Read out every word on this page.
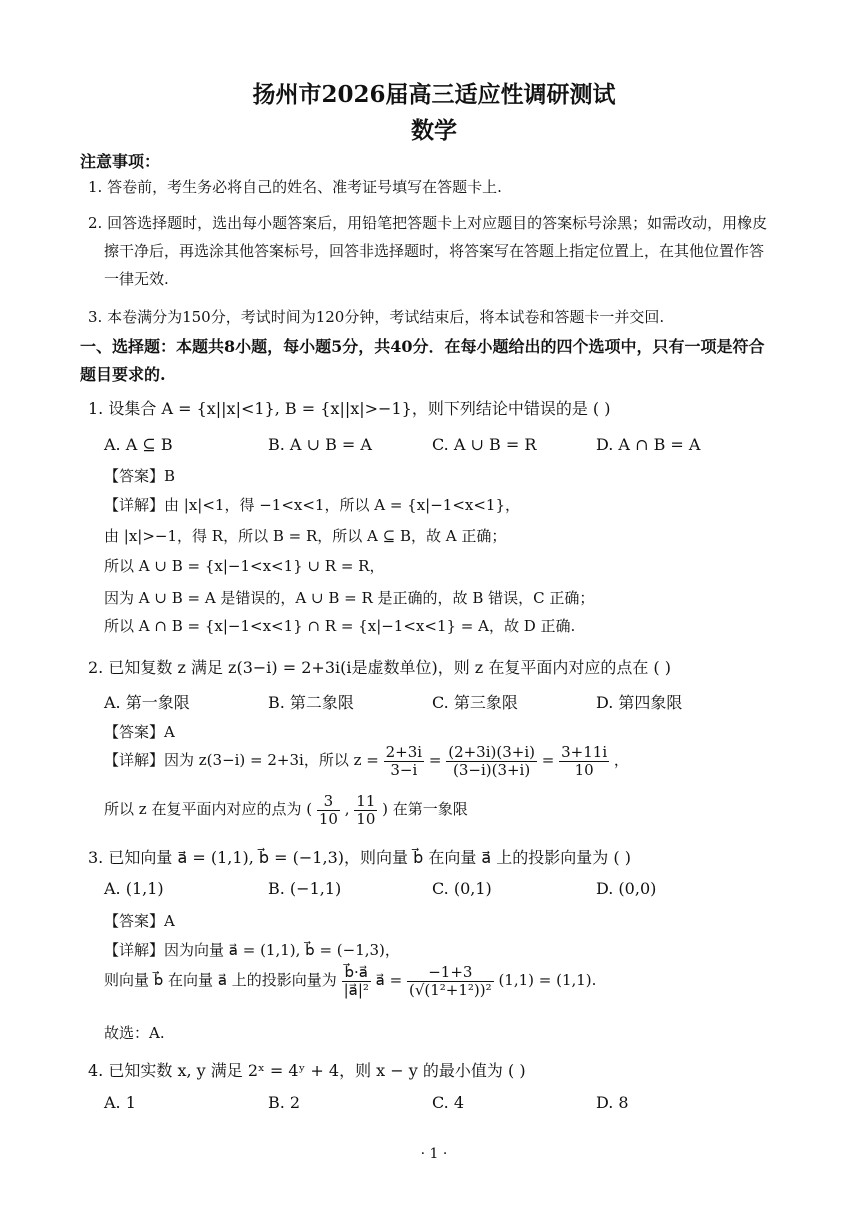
扬州市2026届高三适应性调研测试
数学
注意事项：
1. 答卷前，考生务必将自己的姓名、准考证号填写在答题卡上.
2. 回答选择题时，选出每小题答案后，用铅笔把答题卡上对应题目的答案标号涂黑；如需改动，用橡皮
擦干净后，再选涂其他答案标号，回答非选择题时，将答案写在答题上指定位置上，在其他位置作答
一律无效.
3. 本卷满分为150分，考试时间为120分钟，考试结束后，将本试卷和答题卡一并交回.
一、选择题：本题共8小题，每小题5分，共40分．在每小题给出的四个选项中，只有一项是符合
题目要求的.
1. 设集合 A = {x||x|<1}, B = {x||x|>−1}，则下列结论中错误的是 ( )
A. A ⊆ B	B. A ∪ B = A	C. A ∪ B = R	D. A ∩ B = A
【答案】B
【详解】由 |x|<1，得 −1<x<1，所以 A = {x|−1<x<1}，
由 |x|>−1，得 R，所以 B = R，所以 A ⊆ B，故 A 正确；
所以 A ∪ B = {x|−1<x<1} ∪ R = R，
因为 A ∪ B = A 是错误的，A ∪ B = R 是正确的，故 B 错误，C 正确；
所以 A ∩ B = {x|−1<x<1} ∩ R = {x|−1<x<1} = A，故 D 正确.
2. 已知复数 z 满足 z(3−i) = 2+3i(i是虚数单位)，则 z 在复平面内对应的点在 ( )
A. 第一象限	B. 第二象限	C. 第三象限	D. 第四象限
【答案】A
【详解】因为 z(3−i) = 2+3i，所以 $z = \frac{2+3i}{3-i} = \frac{(2+3i)(3+i)}{(3-i)(3+i)} = \frac{3+11i}{10}$ ，
所以 z 在复平面内对应的点为 ( $\frac{3}{10}$ , $\frac{11}{10}$ ) 在第一象限
3. 已知向量 a⃗ = (1,1), b⃗ = (−1,3)，则向量 b⃗ 在向量 a⃗ 上的投影向量为 ( )
A. (1,1)	B. (−1,1)	C. (0,1)	D. (0,0)
【答案】A
【详解】因为向量 a⃗ = (1,1), b⃗ = (−1,3)，
则向量 b⃗ 在向量 a⃗ 上的投影向量为 $\frac{b⃗\cdot a⃗}{\text{|a⃗|²}}$ a⃗ = $\frac{-1+3}{\text{(√(1²+1²))²}} (1,1) = (1,1)$.
故选：A.
4. 已知实数 x, y 满足 2ˣ = 4ʸ + 4，则 x − y 的最小值为 ( )
A. 1	B. 2	C. 4	D. 8
· 1 ·
